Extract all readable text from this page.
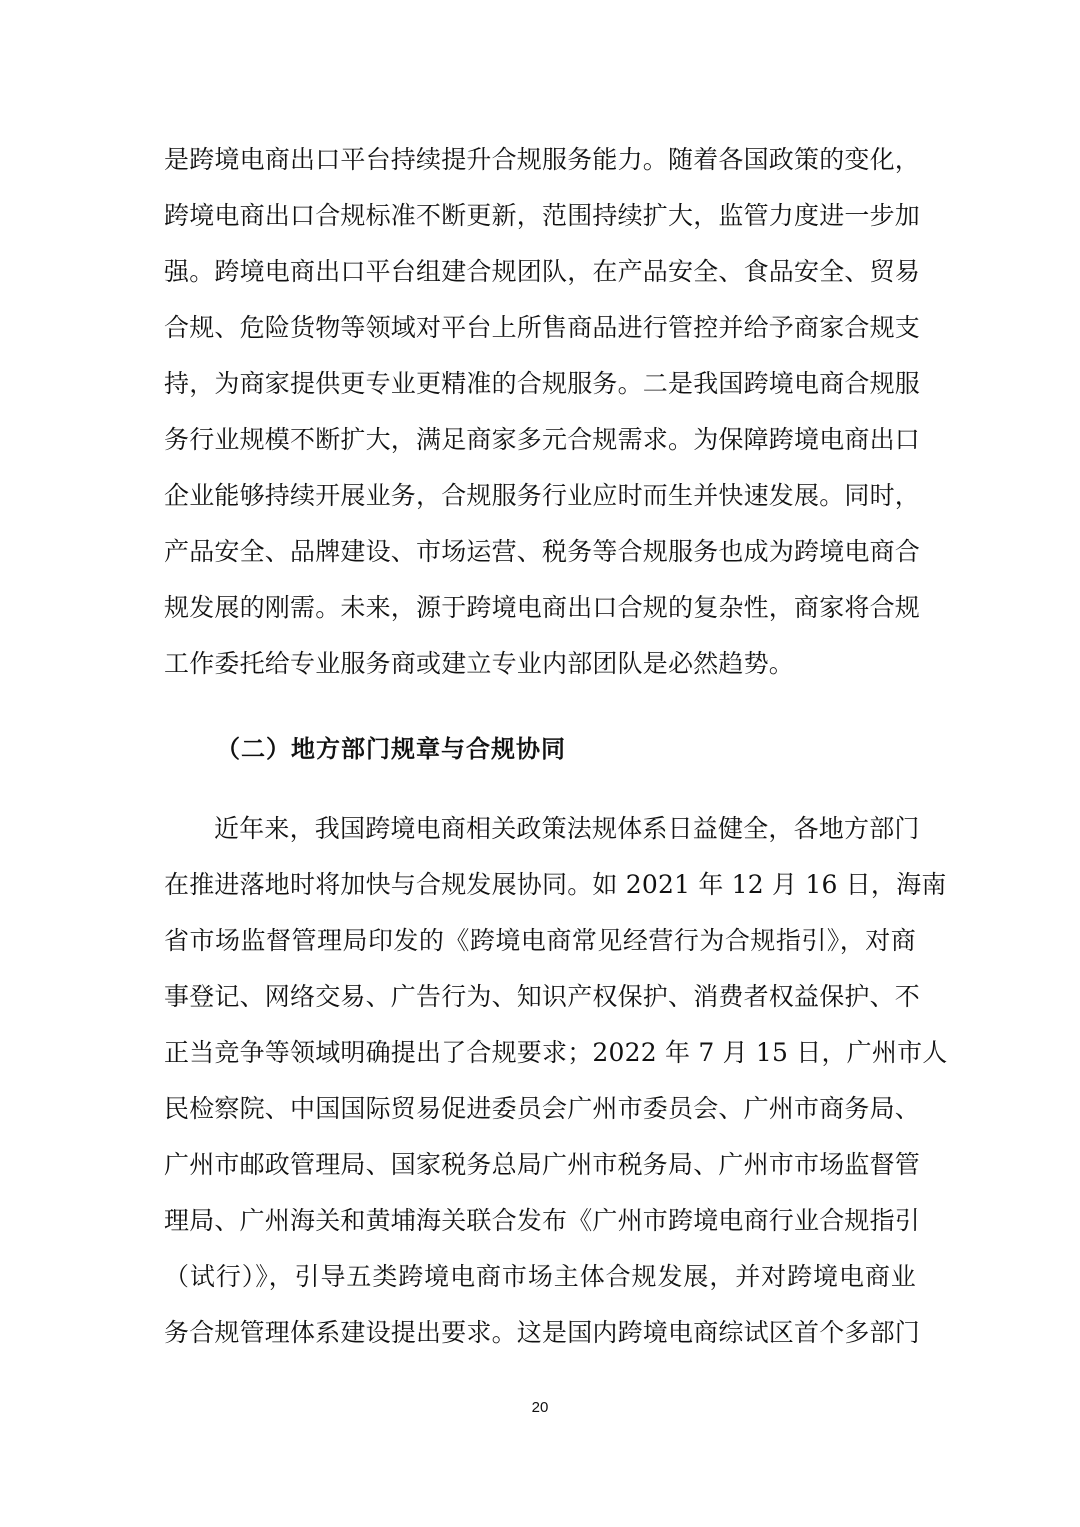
是跨境电商出口平台持续提升合规服务能力。随着各国政策的变化，
跨境电商出口合规标准不断更新，范围持续扩大，监管力度进一步加
强。跨境电商出口平台组建合规团队，在产品安全、食品安全、贸易
合规、危险货物等领域对平台上所售商品进行管控并给予商家合规支
持，为商家提供更专业更精准的合规服务。二是我国跨境电商合规服
务行业规模不断扩大，满足商家多元合规需求。为保障跨境电商出口
企业能够持续开展业务，合规服务行业应时而生并快速发展。同时，
产品安全、品牌建设、市场运营、税务等合规服务也成为跨境电商合
规发展的刚需。未来，源于跨境电商出口合规的复杂性，商家将合规
工作委托给专业服务商或建立专业内部团队是必然趋势。
（二）地方部门规章与合规协同
近年来，我国跨境电商相关政策法规体系日益健全，各地方部门
在推进落地时将加快与合规发展协同。如 2021 年 12 月 16 日，海南
省市场监督管理局印发的《跨境电商常见经营行为合规指引》，对商
事登记、网络交易、广告行为、知识产权保护、消费者权益保护、不
正当竞争等领域明确提出了合规要求；2022 年 7 月 15 日，广州市人
民检察院、中国国际贸易促进委员会广州市委员会、广州市商务局、
广州市邮政管理局、国家税务总局广州市税务局、广州市市场监督管
理局、广州海关和黄埔海关联合发布《广州市跨境电商行业合规指引
（试行）》，引导五类跨境电商市场主体合规发展，并对跨境电商业
务合规管理体系建设提出要求。这是国内跨境电商综试区首个多部门
20
